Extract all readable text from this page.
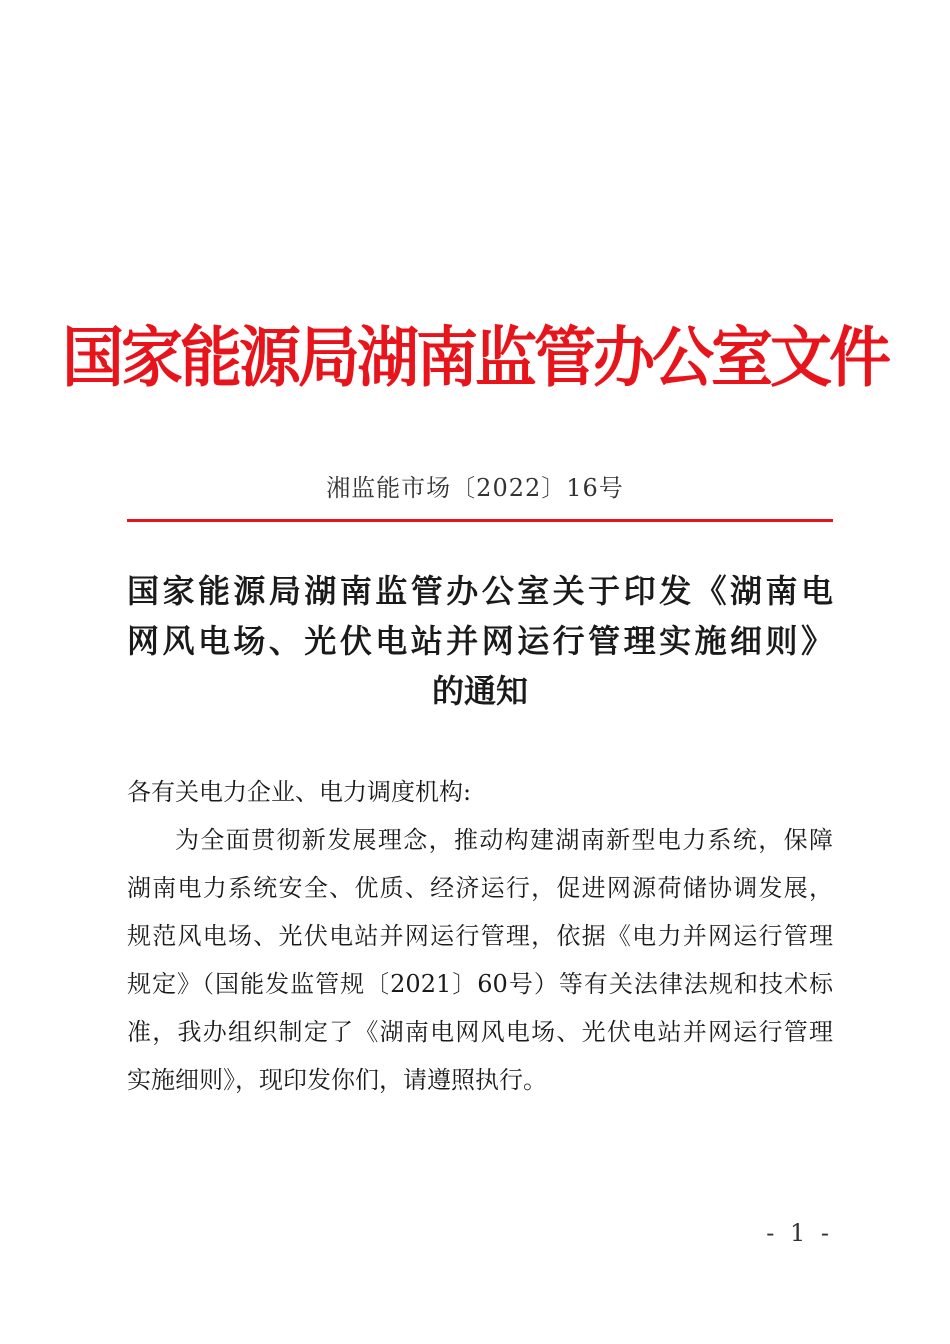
国家能源局湖南监管办公室文件
湘监能市场〔2022〕16号
国家能源局湖南监管办公室关于印发《湖南电
网风电场、光伏电站并网运行管理实施细则》
的通知
各有关电力企业、电力调度机构:
为全面贯彻新发展理念，推动构建湖南新型电力系统，保障
湖南电力系统安全、优质、经济运行，促进网源荷储协调发展，
规范风电场、光伏电站并网运行管理，依据《电力并网运行管理
规定》（国能发监管规〔2021〕60号）等有关法律法规和技术标
准，我办组织制定了《湖南电网风电场、光伏电站并网运行管理
实施细则》，现印发你们，请遵照执行。
- 1 -
